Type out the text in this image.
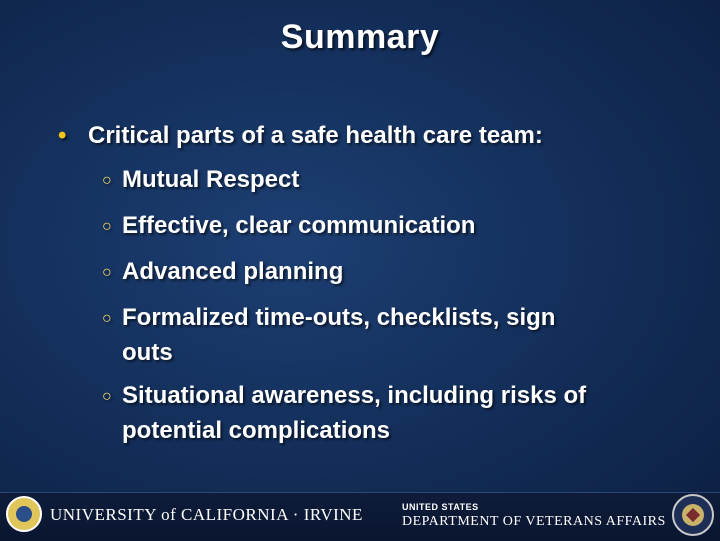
Summary
• Critical parts of a safe health care team:
○ Mutual Respect
○ Effective, clear communication
○ Advanced planning
○ Formalized time-outs, checklists, sign
outs
○ Situational awareness, including risks of
potential complications
UNIVERSITY of CALIFORNIA · IRVINE	UNITED STATES
DEPARTMENT OF VETERANS AFFAIRS
